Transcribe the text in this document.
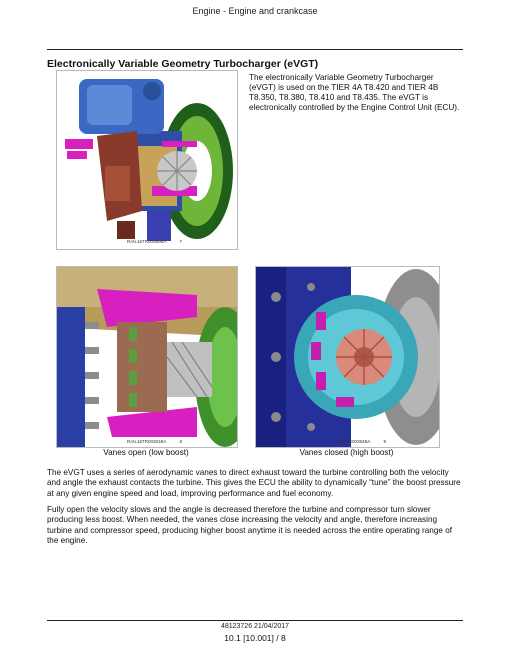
Engine - Engine and crankcase
Electronically Variable Geometry Turbocharger (eVGT)
The electronically Variable Geometry Turbocharger (eVGT) is used on the TIER 4A T8.420 and TIER 4B T8.350, T8.380, T8.410 and T8.435. The eVGT is electronically controlled by the Engine Control Unit (ECU).
RAIL15TR00380BA	7
RAIL15TR00381BA	8	RAIL15TR00384BA	9
Vanes open (low boost)	Vanes closed (high boost)
The eVGT uses a series of aerodynamic vanes to direct exhaust toward the turbine controlling both the velocity and angle the exhaust contacts the turbine. This gives the ECU the ability to dynamically “tune” the boost pressure at any given engine speed and load, improving performance and fuel economy.
Fully open the velocity slows and the angle is decreased therefore the turbine and compressor turn slower producing less boost. When needed, the vanes close increasing the velocity and angle, therefore increasing turbine and compressor speed, producing higher boost anytime it is needed across the entire operating range of the engine.
48123726 21/04/2017
10.1 [10.001] / 8
